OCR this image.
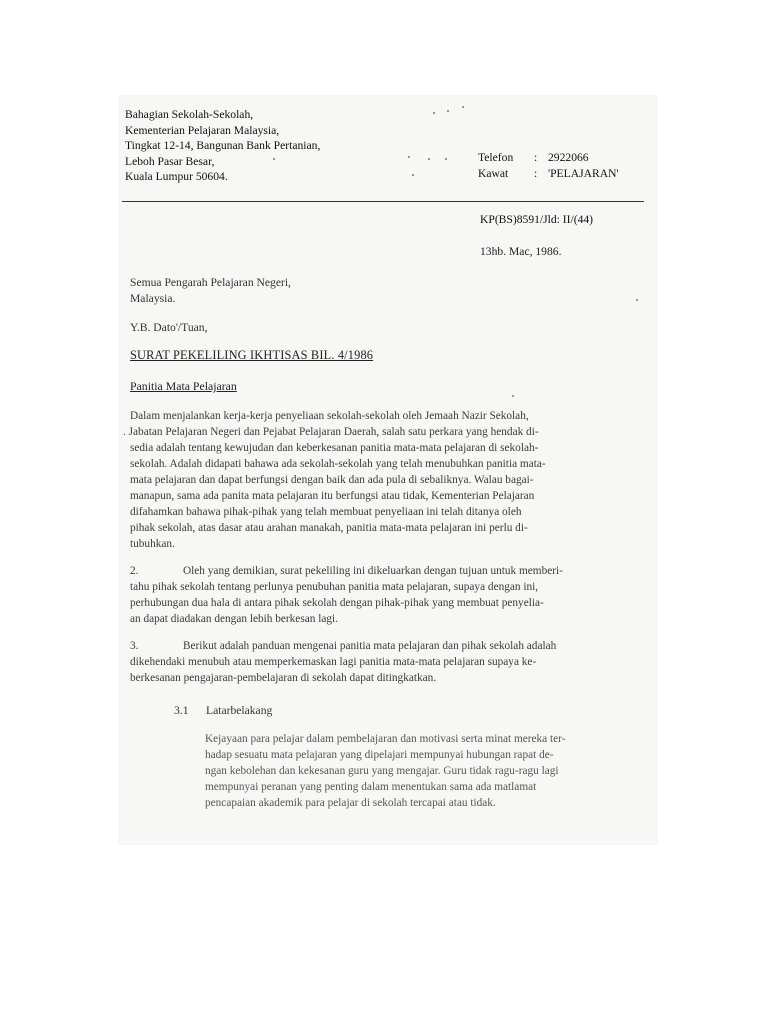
Bahagian Sekolah-Sekolah,
Kementerian Pelajaran Malaysia,
Tingkat 12-14, Bangunan Bank Pertanian,
Leboh Pasar Besar,
Kuala Lumpur 50604.
Telefon	: 2922066
Kawat	: 'PELAJARAN'
KP(BS)8591/Jld: II/(44)
13hb. Mac, 1986.
Semua Pengarah Pelajaran Negeri,
Malaysia.
Y.B. Dato'/Tuan,
SURAT PEKELILING IKHTISAS BIL. 4/1986
Panitia Mata Pelajaran
Dalam menjalankan kerja-kerja penyeliaan sekolah-sekolah oleh Jemaah Nazir Sekolah,
. Jabatan Pelajaran Negeri dan Pejabat Pelajaran Daerah, salah satu perkara yang hendak di-
sedia adalah tentang kewujudan dan keberkesanan panitia mata-mata pelajaran di sekolah-
sekolah. Adalah didapati bahawa ada sekolah-sekolah yang telah menubuhkan panitia mata-
mata pelajaran dan dapat berfungsi dengan baik dan ada pula di sebaliknya. Walau bagai-
manapun, sama ada panita mata pelajaran itu berfungsi atau tidak, Kementerian Pelajaran
difahamkan bahawa pihak-pihak yang telah membuat penyeliaan ini telah ditanya oleh
pihak sekolah, atas dasar atau arahan manakah, panitia mata-mata pelajaran ini perlu di-
tubuhkan.
2.	Oleh yang demikian, surat pekeliling ini dikeluarkan dengan tujuan untuk memberi-
tahu pihak sekolah tentang perlunya penubuhan panitia mata pelajaran, supaya dengan ini,
perhubungan dua hala di antara pihak sekolah dengan pihak-pihak yang membuat penyelia-
an dapat diadakan dengan lebih berkesan lagi.
3.	Berikut adalah panduan mengenai panitia mata pelajaran dan pihak sekolah adalah
dikehendaki menubuh atau memperkemaskan lagi panitia mata-mata pelajaran supaya ke-
berkesanan pengajaran-pembelajaran di sekolah dapat ditingkatkan.
3.1 Latarbelakang
Kejayaan para pelajar dalam pembelajaran dan motivasi serta minat mereka ter-
hadap sesuatu mata pelajaran yang dipelajari mempunyai hubungan rapat de-
ngan kebolehan dan kekesanan guru yang mengajar. Guru tidak ragu-ragu lagi
mempunyai peranan yang penting dalam menentukan sama ada matlamat
pencapaian akademik para pelajar di sekolah tercapai atau tidak.
